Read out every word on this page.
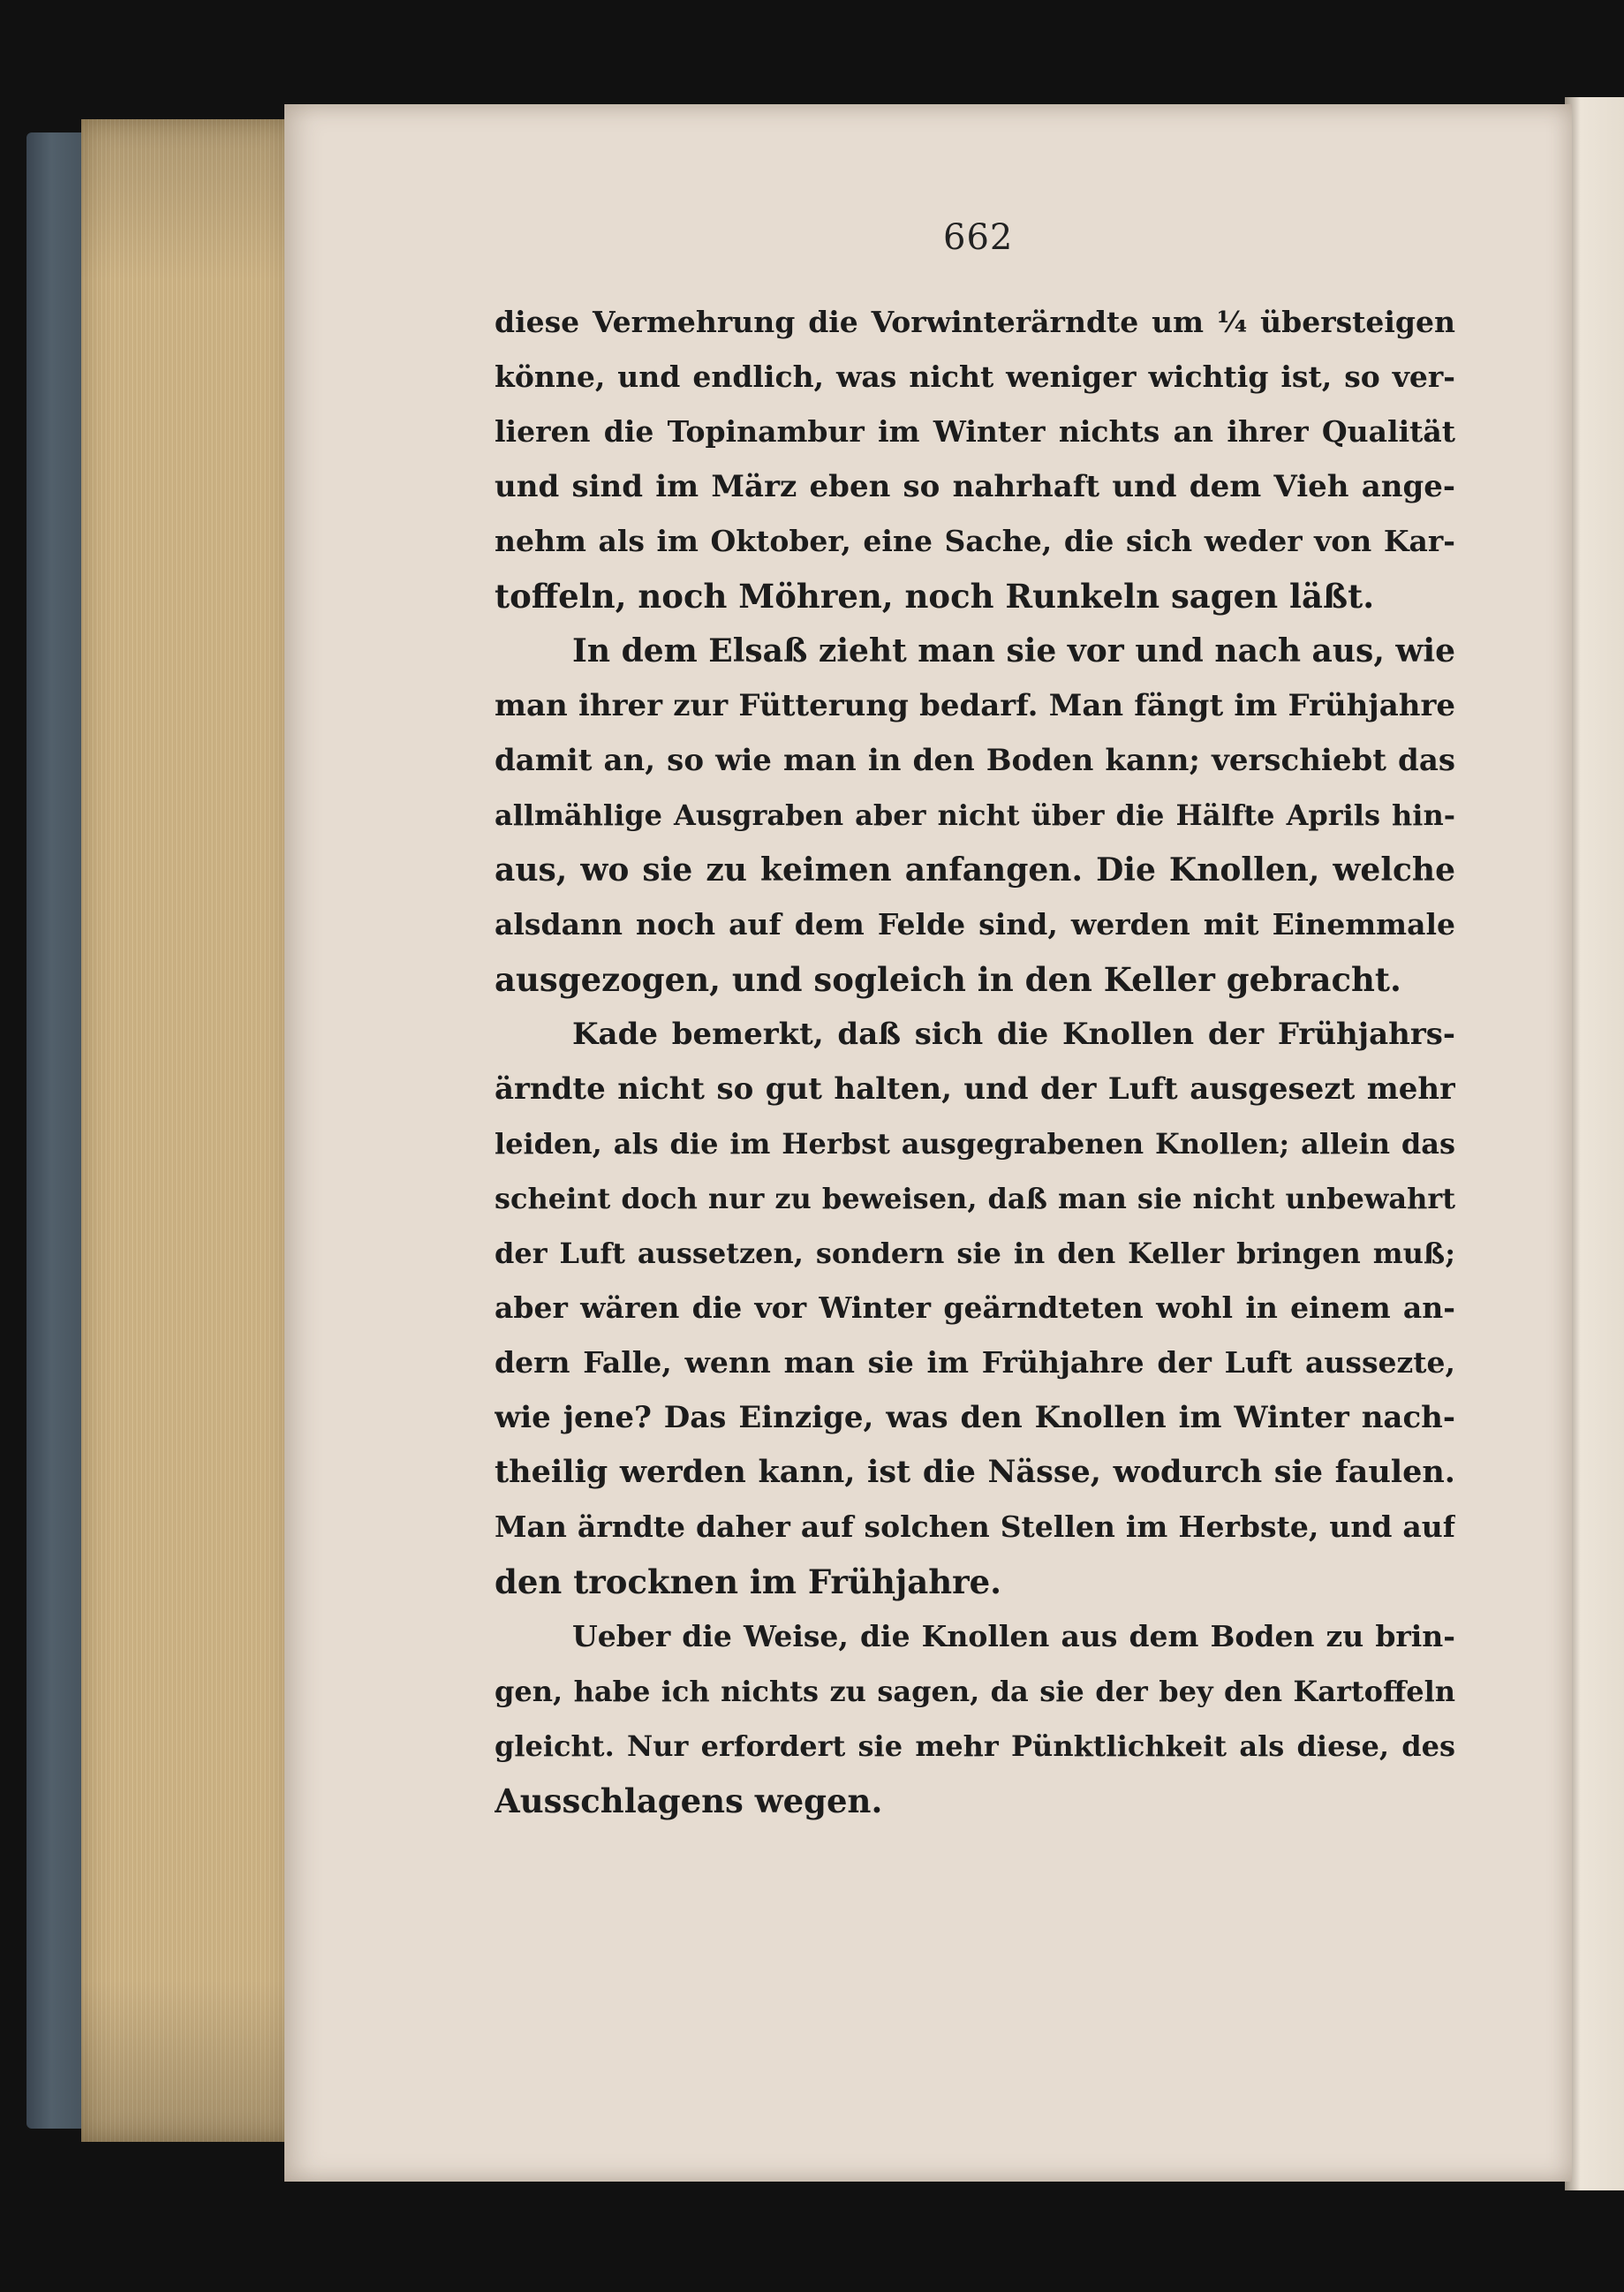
662
diese Vermehrung die Vorwinterärndte um ¼ übersteigen
könne, und endlich, was nicht weniger wichtig ist, so ver-
lieren die Topinambur im Winter nichts an ihrer Qualität
und sind im März eben so nahrhaft und dem Vieh ange-
nehm als im Oktober, eine Sache, die sich weder von Kar-
toffeln, noch Möhren, noch Runkeln sagen läßt.
In dem Elsaß zieht man sie vor und nach aus, wie
man ihrer zur Fütterung bedarf. Man fängt im Frühjahre
damit an, so wie man in den Boden kann; verschiebt das
allmählige Ausgraben aber nicht über die Hälfte Aprils hin-
aus, wo sie zu keimen anfangen. Die Knollen, welche
alsdann noch auf dem Felde sind, werden mit Einemmale
ausgezogen, und sogleich in den Keller gebracht.
Kade bemerkt, daß sich die Knollen der Frühjahrs-
ärndte nicht so gut halten, und der Luft ausgesezt mehr
leiden, als die im Herbst ausgegrabenen Knollen; allein das
scheint doch nur zu beweisen, daß man sie nicht unbewahrt
der Luft aussetzen, sondern sie in den Keller bringen muß;
aber wären die vor Winter geärndteten wohl in einem an-
dern Falle, wenn man sie im Frühjahre der Luft aussezte,
wie jene? Das Einzige, was den Knollen im Winter nach-
theilig werden kann, ist die Nässe, wodurch sie faulen.
Man ärndte daher auf solchen Stellen im Herbste, und auf
den trocknen im Frühjahre.
Ueber die Weise, die Knollen aus dem Boden zu brin-
gen, habe ich nichts zu sagen, da sie der bey den Kartoffeln
gleicht. Nur erfordert sie mehr Pünktlichkeit als diese, des
Ausschlagens wegen.
